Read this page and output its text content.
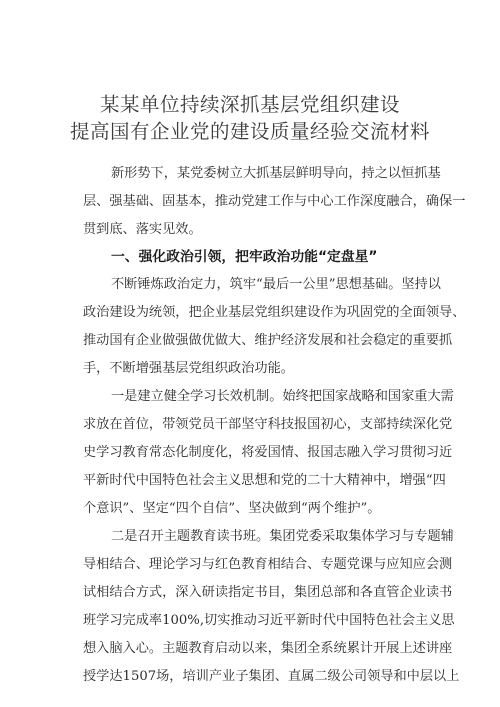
某某单位持续深抓基层党组织建设
提高国有企业党的建设质量经验交流材料
新形势下，某党委树立大抓基层鲜明导向，持之以恒抓基
层、强基础、固基本，推动党建工作与中心工作深度融合，确保一
贯到底、落实见效。
一、强化政治引领，把牢政治功能“定盘星”
不断锤炼政治定力，筑牢“最后一公里”思想基础。坚持以
政治建设为统领，把企业基层党组织建设作为巩固党的全面领导、
推动国有企业做强做优做大、维护经济发展和社会稳定的重要抓
手，不断增强基层党组织政治功能。
一是建立健全学习长效机制。始终把国家战略和国家重大需
求放在首位，带领党员干部坚守科技报国初心，支部持续深化党
史学习教育常态化制度化，将爱国情、报国志融入学习贯彻习近
平新时代中国特色社会主义思想和党的二十大精神中，增强“四
个意识”、坚定“四个自信”、坚决做到“两个维护”。
二是召开主题教育读书班。集团党委采取集体学习与专题辅
导相结合、理论学习与红色教育相结合、专题党课与应知应会测
试相结合方式，深入研读指定书目，集团总部和各直管企业读书
班学习完成率100%,切实推动习近平新时代中国特色社会主义思
想入脑入心。主题教育启动以来，集团全系统累计开展上述讲座
授学达1507场，培训产业子集团、直属二级公司领导和中层以上
